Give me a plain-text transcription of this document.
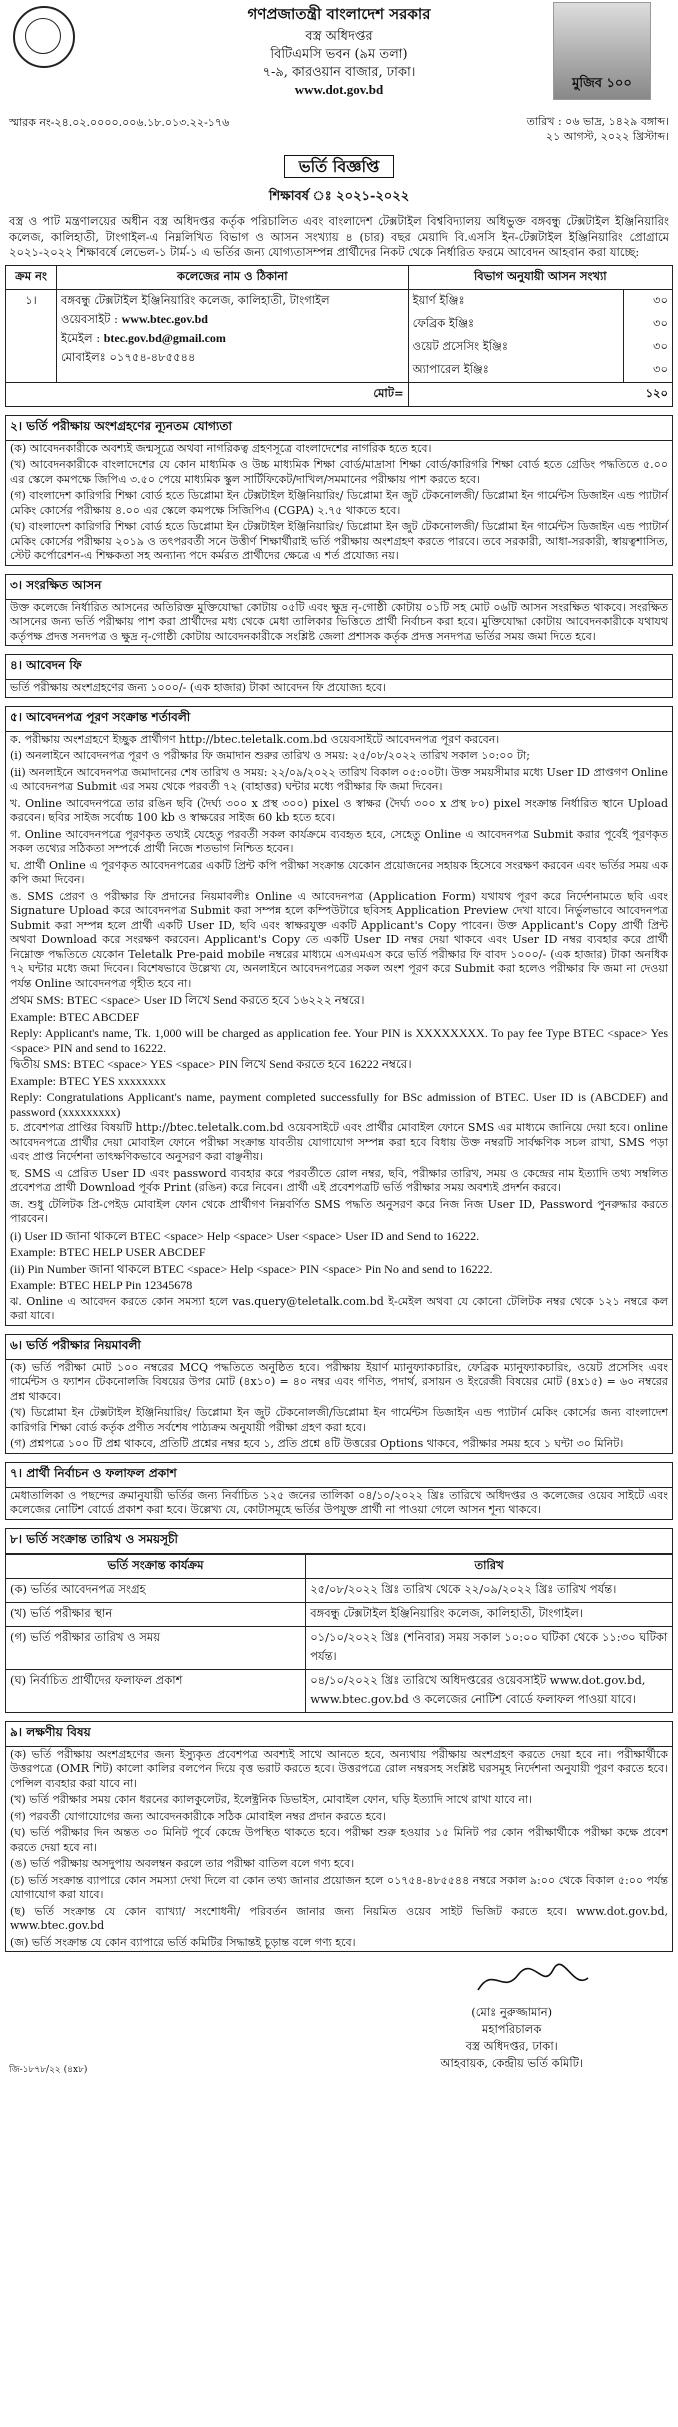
গণপ্রজাতন্ত্রী বাংলাদেশ সরকার
বস্ত্র অধিদপ্তর
বিটিএমসি ভবন (৯ম তলা)
৭-৯, কারওয়ান বাজার, ঢাকা।
www.dot.gov.bd	মুজিব ১০০
স্মারক নং-২৪.০২.০০০০.০০৬.১৮.০১৩.২২-১৭৬	তারিখ : ০৬ ভাদ্র, ১৪২৯ বঙ্গাব্দ।
২১ আগস্ট, ২০২২ খ্রিস্টাব্দ।
ভর্তি বিজ্ঞপ্তি
শিক্ষাবর্ষ ঃ ২০২১-২০২২

বস্ত্র ও পাট মন্ত্রণালয়ের অধীন বস্ত্র অধিদপ্তর কর্তৃক পরিচালিত এবং বাংলাদেশ টেক্সটাইল বিশ্ববিদ্যালয় অধিভুক্ত বঙ্গবন্ধু টেক্সটাইল ইঞ্জিনিয়ারিং কলেজ, কালিহাতী, টাংগাইল-এ নিম্নলিখিত বিভাগ ও আসন সংখ্যায় ৪ (চার) বছর মেয়াদি বি.এসসি ইন-টেক্সটাইল ইঞ্জিনিয়ারিং প্রোগ্রামে ২০২১-২০২২ শিক্ষাবর্ষে লেভেল-১ টার্ম-১ এ ভর্তির জন্য যোগ্যতাসম্পন্ন প্রার্থীদের নিকট থেকে নির্ধারিত ফরমে আবেদন আহবান করা যাচ্ছে:

ক্রম নং	কলেজের নাম ও ঠিকানা	বিভাগ অনুযায়ী আসন সংখ্যা	
১।	বঙ্গবন্ধু টেক্সটাইল ইঞ্জিনিয়ারিং কলেজ, কালিহাতী, টাংগাইল
ওয়েবসাইট : www.btec.gov.bd
ইমেইল : btec.gov.bd@gmail.com
মোবাইলঃ ০১৭৫৪-৪৮৫৫৪৪	ইয়ার্ণ ইঞ্জিঃ	৩০
		ফেব্রিক ইঞ্জিঃ	৩০
		ওয়েট প্রসেসিং ইঞ্জিঃ	৩০
		অ্যাপারেল ইঞ্জিঃ	৩০
মোট=		১২০	
২। ভর্তি পরীক্ষায় অংশগ্রহণের ন্যূনতম যোগ্যতা
(ক) আবেদনকারীকে অবশ্যই জন্মসূত্রে অথবা নাগরিকত্ব গ্রহণসূত্রে বাংলাদেশের নাগরিক হতে হবে।
(খ) আবেদনকারীকে বাংলাদেশের যে কোন মাধ্যমিক ও উচ্চ মাধ্যমিক শিক্ষা বোর্ড/মাদ্রাসা শিক্ষা বোর্ড/কারিগরি শিক্ষা বোর্ড হতে গ্রেডিং পদ্ধতিতে ৫.০০ এর স্কেলে কমপক্ষে জিপিএ ৩.৫০ পেয়ে মাধ্যমিক স্কুল সার্টিফিকেট/দাখিল/সমমানের পরীক্ষায় পাশ করতে হবে।
(গ) বাংলাদেশ কারিগরি শিক্ষা বোর্ড হতে ডিপ্লোমা ইন টেক্সটাইল ইঞ্জিনিয়ারিং/ ডিপ্লোমা ইন জুট টেকনোলজী/ ডিপ্লোমা ইন গার্মেন্টস ডিজাইন এন্ড প্যাটার্ন মেকিং কোর্সের পরীক্ষায় ৪.০০ এর স্কেলে কমপক্ষে সিজিপিএ (CGPA) ২.৭৫ থাকতে হবে।
(ঘ) বাংলাদেশ কারিগরি শিক্ষা বোর্ড হতে ডিপ্লোমা ইন টেক্সটাইল ইঞ্জিনিয়ারিং/ ডিপ্লোমা ইন জুট টেকনোলজী/ ডিপ্লোমা ইন গার্মেন্টস ডিজাইন এন্ড প্যাটার্ন মেকিং কোর্সের পরীক্ষায় ২০১৯ ও তৎপরবর্তী সনে উত্তীর্ণ শিক্ষার্থীরাই ভর্তি পরীক্ষায় অংশগ্রহণ করতে পারবে। তবে সরকারী, আধা-সরকারী, স্বায়ত্বশাসিত, স্টেট কর্পোরেশন-এ শিক্ষকতা সহ অন্যান্য পদে কর্মরত প্রার্থীদের ক্ষেত্রে এ শর্ত প্রযোজ্য নয়।
৩। সংরক্ষিত আসন
উক্ত কলেজে নির্ধারিত আসনের অতিরিক্ত মুক্তিযোদ্ধা কোটায় ০৫টি এবং ক্ষুদ্র নৃ-গোষ্ঠী কোটায় ০১টি সহ মোট ০৬টি আসন সংরক্ষিত থাকবে। সংরক্ষিত আসনের জন্য ভর্তি পরীক্ষায় পাশ করা প্রার্থীদের মধ্য থেকে মেধা তালিকার ভিত্তিতে প্রার্থী নির্বাচন করা হবে। মুক্তিযোদ্ধা কোটায় আবেদনকারীকে যথাযথ কর্তৃপক্ষ প্রদত্ত সনদপত্র ও ক্ষুদ্র নৃ-গোষ্ঠী কোটায় আবেদনকারীকে সংশ্লিষ্ট জেলা প্রশাসক কর্তৃক প্রদত্ত সনদপত্র ভর্তির সময় জমা দিতে হবে।
৪। আবেদন ফি
ভর্তি পরীক্ষায় অংশগ্রহণের জন্য ১০০০/- (এক হাজার) টাকা আবেদন ফি প্রযোজ্য হবে।
৫। আবেদনপত্র পূরণ সংক্রান্ত শর্তাবলী
ক. পরীক্ষায় অংশগ্রহণে ইচ্ছুক প্রার্থীগণ http://btec.teletalk.com.bd ওয়েবসাইটে আবেদনপত্র পূরণ করবেন।
(i) অনলাইনে আবেদনপত্র পূরণ ও পরীক্ষার ফি জমাদান শুরুর তারিখ ও সময়: ২৫/০৮/২০২২ তারিখ সকাল ১০:০০ টা;
(ii) অনলাইনে আবেদনপত্র জমাদানের শেষ তারিখ ও সময়: ২২/০৯/২০২২ তারিখ বিকাল ০৫:০০টা। উক্ত সময়সীমার মধ্যে User ID প্রাপ্তগণ Online এ আবেদনপত্র Submit এর সময় থেকে পরবর্তী ৭২ (বাহাত্তর) ঘন্টার মধ্যে পরীক্ষার ফি জমা দিবেন।
খ. Online আবেদনপত্রে তার রঙিন ছবি (দৈর্ঘ্য ৩০০ x প্রস্থ ৩০০) pixel ও স্বাক্ষর (দৈর্ঘ্য ৩০০ x প্রস্থ ৮০) pixel সংক্রান্ত নির্ধারিত স্থানে Upload করবেন। ছবির সাইজ সর্বোচ্চ 100 kb ও স্বাক্ষরের সাইজ 60 kb হতে হবে।
গ. Online আবেদনপত্রে পূরণকৃত তথ্যই যেহেতু পরবর্তী সকল কার্যক্রমে ব্যবহৃত হবে, সেহেতু Online এ আবেদনপত্র Submit করার পূর্বেই পূরণকৃত সকল তথ্যের সঠিকতা সম্পর্কে প্রার্থী নিজে শতভাগ নিশ্চিত হবেন।
ঘ. প্রার্থী Online এ পূরণকৃত আবেদনপত্রের একটি প্রিন্ট কপি পরীক্ষা সংক্রান্ত যেকোন প্রয়োজনের সহায়ক হিসেবে সংরক্ষণ করবেন এবং ভর্তির সময় এক কপি জমা দিবেন।
ঙ. SMS প্রেরণ ও পরীক্ষার ফি প্রদানের নিয়মাবলীঃ Online এ আবেদনপত্র (Application Form) যথাযথ পূরণ করে নির্দেশনামতে ছবি এবং Signature Upload করে আবেদনপত্র Submit করা সম্পন্ন হলে কম্পিউটারে ছবিসহ Application Preview দেখা যাবে। নির্ভুলভাবে আবেদনপত্র Submit করা সম্পন্ন হলে প্রার্থী একটি User ID, ছবি এবং স্বাক্ষরযুক্ত একটি Applicant's Copy পাবেন। উক্ত Applicant's Copy প্রার্থী প্রিন্ট অথবা Download করে সংরক্ষণ করবেন। Applicant's Copy তে একটি User ID নম্বর দেয়া থাকবে এবং User ID নম্বর ব্যবহার করে প্রার্থী নিম্নোক্ত পদ্ধতিতে যেকোন Teletalk Pre-paid mobile নম্বরের মাধ্যমে এসএমএস করে ভর্তি পরীক্ষার ফি বাবদ ১০০০/- (এক হাজার) টাকা অনধিক ৭২ ঘন্টার মধ্যে জমা দিবেন। বিশেষভাবে উল্লেখ্য যে, অনলাইনে আবেদনপত্রের সকল অংশ পূরণ করে Submit করা হলেও পরীক্ষার ফি জমা না দেওয়া পর্যন্ত Online আবেদনপত্র গৃহীত হবে না।
প্রথম SMS: BTEC <space> User ID লিখে Send করতে হবে ১৬২২২ নম্বরে।
Example: BTEC ABCDEF
Reply: Applicant's name, Tk. 1,000 will be charged as application fee. Your PIN is XXXXXXXX. To pay fee Type BTEC <space> Yes <space> PIN and send to 16222.
দ্বিতীয় SMS: BTEC <space> YES <space> PIN লিখে Send করতে হবে 16222 নম্বরে।
Example: BTEC YES xxxxxxxx
Reply: Congratulations Applicant's name, payment completed successfully for BSc admission of BTEC. User ID is (ABCDEF) and password (xxxxxxxxx)
চ. প্রবেশপত্র প্রাপ্তির বিষয়টি http://btec.teletalk.com.bd ওয়েবসাইটে এবং প্রার্থীর মোবাইল ফোনে SMS এর মাধ্যমে জানিয়ে দেয়া হবে। online আবেদনপত্রে প্রার্থীর দেয়া মোবাইল ফোনে পরীক্ষা সংক্রান্ত যাবতীয় যোগাযোগ সম্পন্ন করা হবে বিধায় উক্ত নম্বরটি সার্বক্ষণিক সচল রাখা, SMS পড়া এবং প্রাপ্ত নির্দেশনা তাৎক্ষণিকভাবে অনুসরণ করা বাঞ্ছনীয়।
ছ. SMS এ প্রেরিত User ID এবং password ব্যবহার করে পরবর্তীতে রোল নম্বর, ছবি, পরীক্ষার তারিখ, সময় ও কেন্দ্রের নাম ইত্যাদি তথ্য সম্বলিত প্রবেশপত্র প্রার্থী Download পূর্বক Print (রঙিন) করে নিবেন। প্রার্থী এই প্রবেশপত্রটি ভর্তি পরীক্ষার সময় অবশ্যই প্রদর্শন করবে।
জ. শুধু টেলিটক প্রি-পেইড মোবাইল ফোন থেকে প্রার্থীগণ নিম্নবর্ণিত SMS পদ্ধতি অনুসরণ করে নিজ নিজ User ID, Password পুনরুদ্ধার করতে পারবেন।
(i) User ID জানা থাকলে BTEC <space> Help <space> User <space> User ID and Send to 16222.
Example: BTEC HELP USER ABCDEF
(ii) Pin Number জানা থাকলে BTEC <space> Help <space> PIN <space> Pin No and send to 16222.
Example: BTEC HELP Pin 12345678
ঝ. Online এ আবেদন করতে কোন সমস্যা হলে vas.query@teletalk.com.bd ই-মেইল অথবা যে কোনো টেলিটক নম্বর থেকে ১২১ নম্বরে কল করা যাবে।
৬। ভর্তি পরীক্ষার নিয়মাবলী
(ক) ভর্তি পরীক্ষা মোট ১০০ নম্বরের MCQ পদ্ধতিতে অনুষ্ঠিত হবে। পরীক্ষায় ইয়ার্ণ ম্যানুফ্যাকচারিং, ফেব্রিক ম্যানুফ্যাকচারিং, ওয়েট প্রসেসিং এবং গার্মেন্টস ও ফ্যাশন টেকনোলজি বিষয়ের উপর মোট (৪x১০) = ৪০ নম্বর এবং গণিত, পদার্থ, রসায়ন ও ইংরেজী বিষয়ের মোট (৪x১৫) = ৬০ নম্বরের প্রশ্ন থাকবে।
(খ) ডিপ্লোমা ইন টেক্সটাইল ইঞ্জিনিয়ারিং/ ডিপ্লোমা ইন জুট টেকনোলজী/ডিপ্লোমা ইন গার্মেন্টস ডিজাইন এন্ড প্যাটার্ন মেকিং কোর্সের জন্য বাংলাদেশ কারিগরি শিক্ষা বোর্ড কর্তৃক প্রণীত সর্বশেষ পাঠ্যক্রম অনুযায়ী পরীক্ষা গ্রহণ করা হবে।
(গ) প্রশ্নপত্রে ১০০ টি প্রশ্ন থাকবে, প্রতিটি প্রশ্নের নম্বর হবে ১, প্রতি প্রশ্নে ৪টি উত্তরের Options থাকবে, পরীক্ষার সময় হবে ১ ঘন্টা ৩০ মিনিট।
৭। প্রার্থী নির্বাচন ও ফলাফল প্রকাশ
মেধাতালিকা ও পছন্দের ক্রমানুযায়ী ভর্তির জন্য নির্বাচিত ১২৫ জনের তালিকা ০৪/১০/২০২২ খ্রিঃ তারিখে অধিদপ্তর ও কলেজের ওয়েব সাইটে এবং কলেজের নোটিশ বোর্ডে প্রকাশ করা হবে। উল্লেখ্য যে, কোটাসমূহে ভর্তির উপযুক্ত প্রার্থী না পাওয়া গেলে আসন শূন্য থাকবে।
৮। ভর্তি সংক্রান্ত তারিখ ও সময়সূচী
ভর্তি সংক্রান্ত কার্যক্রম	তারিখ
(ক) ভর্তির আবেদনপত্র সংগ্রহ	২৫/০৮/২০২২ খ্রিঃ তারিখ থেকে ২২/০৯/২০২২ খ্রিঃ তারিখ পর্যন্ত।
(খ) ভর্তি পরীক্ষার স্থান	বঙ্গবন্ধু টেক্সটাইল ইঞ্জিনিয়ারিং কলেজ, কালিহাতী, টাংগাইল।
(গ) ভর্তি পরীক্ষার তারিখ ও সময়	০১/১০/২০২২ খ্রিঃ (শনিবার) সময় সকাল ১০:০০ ঘটিকা থেকে ১১:৩০ ঘটিকা পর্যন্ত।
(ঘ) নির্বাচিত প্রার্থীদের ফলাফল প্রকাশ	০৪/১০/২০২২ খ্রিঃ তারিখে অধিদপ্তরের ওয়েবসাইট www.dot.gov.bd, www.btec.gov.bd ও কলেজের নোটিশ বোর্ডে ফলাফল পাওয়া যাবে।
৯। লক্ষণীয় বিষয়
(ক) ভর্তি পরীক্ষায় অংশগ্রহণের জন্য ইস্যুকৃত প্রবেশপত্র অবশ্যই সাথে আনতে হবে, অন্যথায় পরীক্ষায় অংশগ্রহণ করতে দেয়া হবে না। পরীক্ষার্থীকে উত্তরপত্রে (OMR শিট) কালো কালির বলপেন দিয়ে বৃত্ত ভরাট করতে হবে। উত্তরপত্রে রোল নম্বরসহ সংশ্লিষ্ট ঘরসমূহ নির্দেশনা অনুযায়ী পূরণ করতে হবে। পেন্সিল ব্যবহার করা যাবে না।
(খ) ভর্তি পরীক্ষার সময় কোন ধরনের ক্যালকুলেটর, ইলেক্ট্রনিক ডিভাইস, মোবাইল ফোন, ঘড়ি ইত্যাদি সাথে রাখা যাবে না।
(গ) পরবর্তী যোগাযোগের জন্য আবেদনকারীকে সঠিক মোবাইল নম্বর প্রদান করতে হবে।
(ঘ) ভর্তি পরীক্ষার দিন অন্তত ৩০ মিনিট পূর্বে কেন্দ্রে উপস্থিত থাকতে হবে। পরীক্ষা শুরু হওয়ার ১৫ মিনিট পর কোন পরীক্ষার্থীকে পরীক্ষা কক্ষে প্রবেশ করতে দেয়া হবে না।
(ঙ) ভর্তি পরীক্ষায় অসদুপায় অবলম্বন করলে তার পরীক্ষা বাতিল বলে গণ্য হবে।
(চ) ভর্তি সংক্রান্ত ব্যাপারে কোন সমস্যা দেখা দিলে বা কোন তথ্য জানার প্রয়োজন হলে ০১৭৫৪-৪৮৫৫৪৪ নম্বরে সকাল ৯:০০ থেকে বিকাল ৫:০০ পর্যন্ত যোগাযোগ করা যাবে।
(ছ) ভর্তি সংক্রান্ত যে কোন ব্যাখ্যা/ সংশোধনী/ পরিবর্তন জানার জন্য নিয়মিত ওয়েব সাইট ভিজিট করতে হবে। www.dot.gov.bd, www.btec.gov.bd
(জ) ভর্তি সংক্রান্ত যে কোন ব্যাপারে ভর্তি কমিটির সিদ্ধান্তই চূড়ান্ত বলে গণ্য হবে।
(মোঃ নুরুজ্জামান)
মহাপরিচালক
বস্ত্র অধিদপ্তর, ঢাকা।
আহবায়ক, কেন্দ্রীয় ভর্তি কমিটি।
জি-১৮৭৮/২২ (৪x৮)
